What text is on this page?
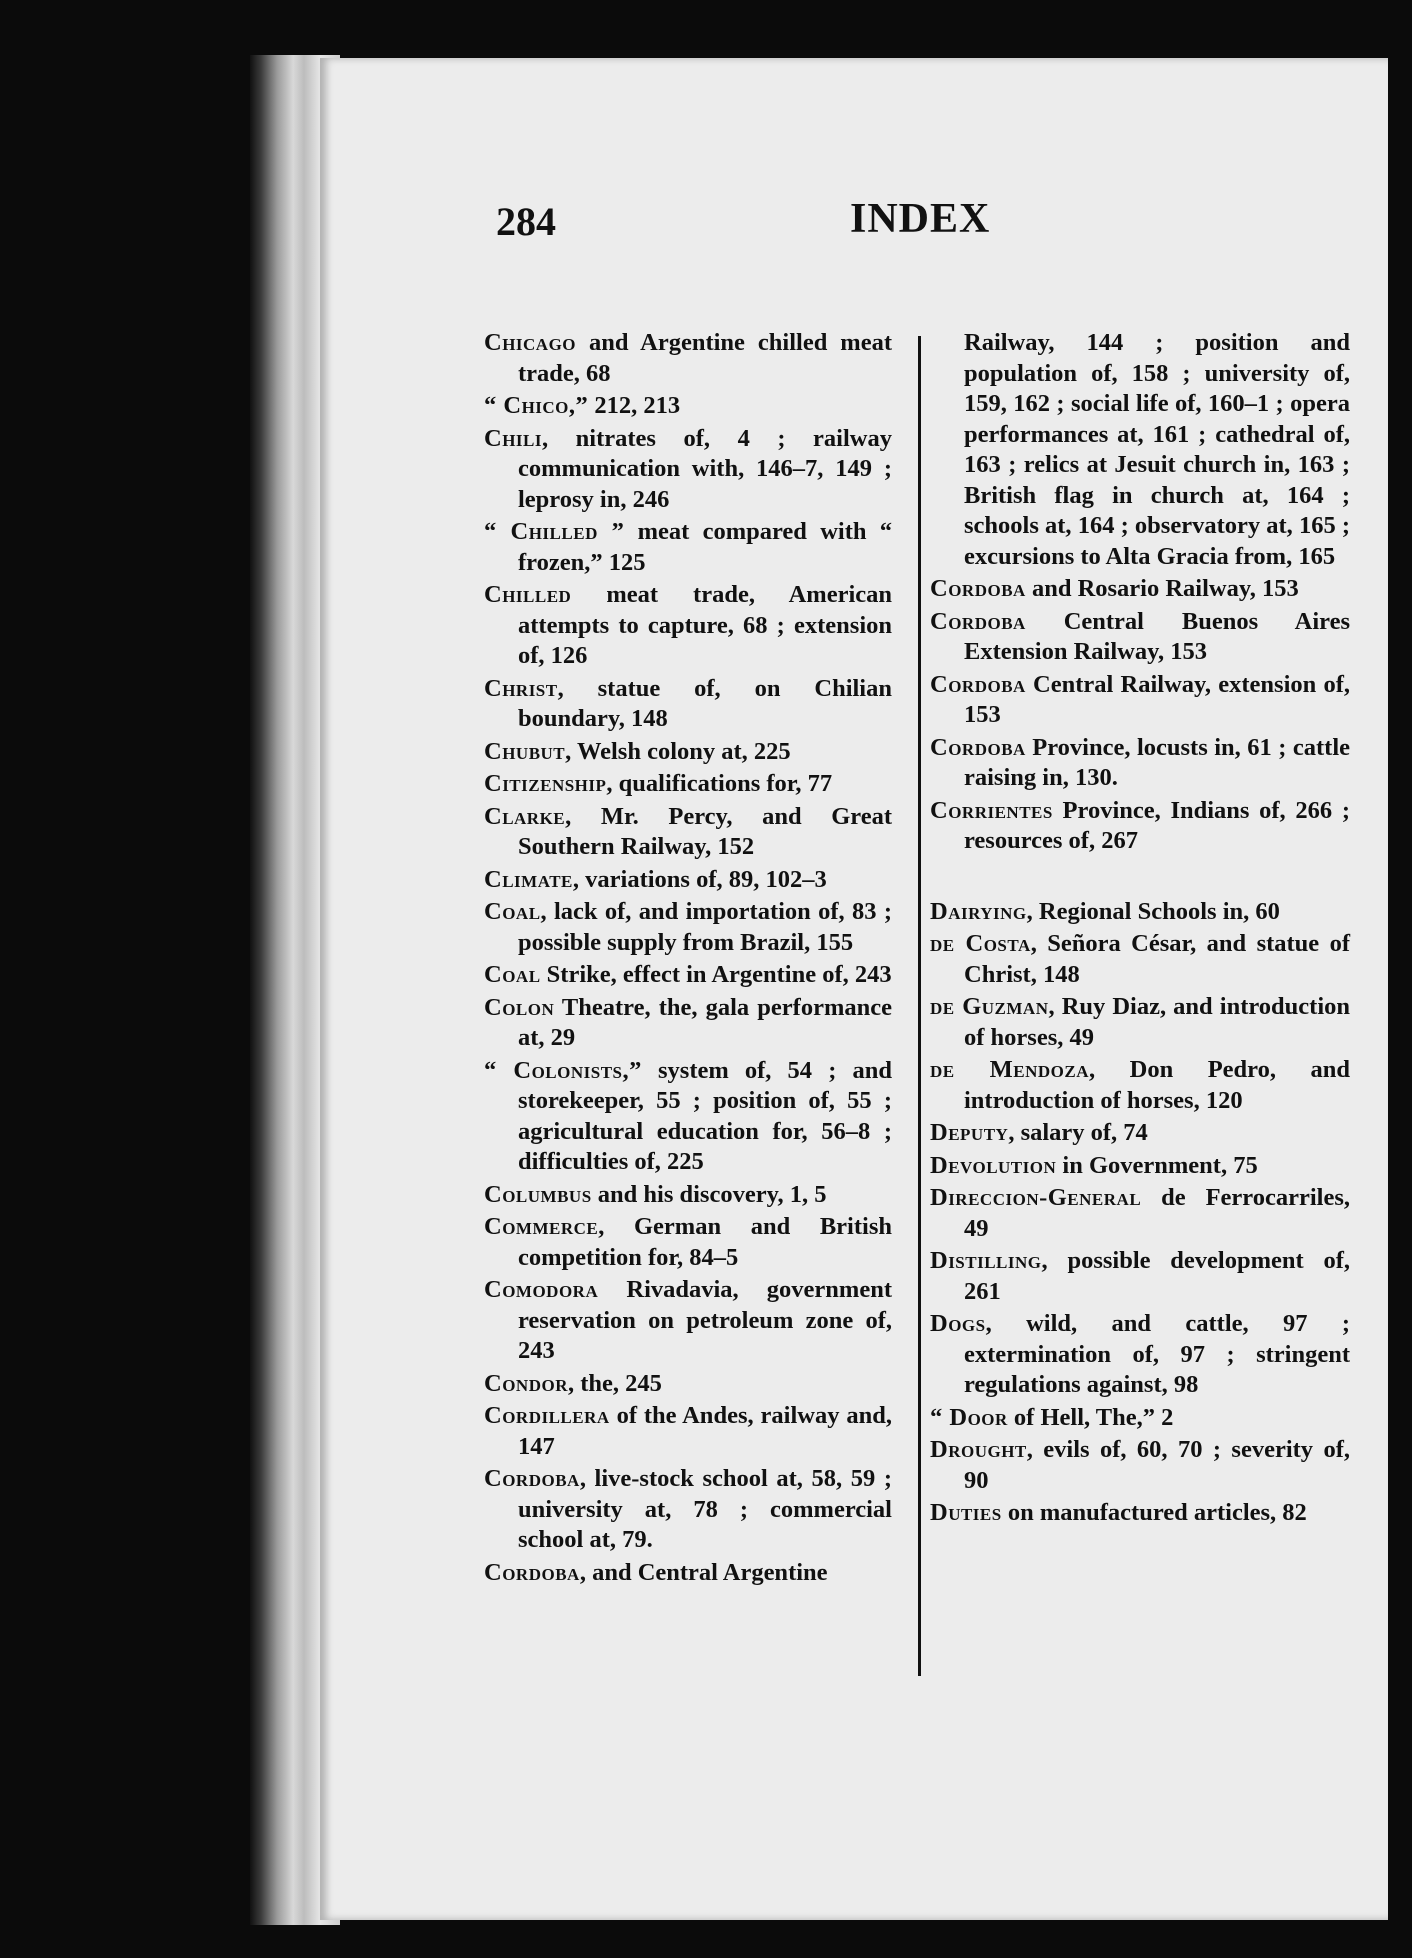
284	INDEX

Chicago and Argentine chilled meat trade, 68

“ Chico,” 212, 213

Chili, nitrates of, 4 ; railway communication with, 146–7, 149 ; leprosy in, 246

“ Chilled ” meat compared with “ frozen,” 125

Chilled meat trade, American attempts to capture, 68 ; extension of, 126

Christ, statue of, on Chilian boundary, 148

Chubut, Welsh colony at, 225

Citizenship, qualifications for, 77

Clarke, Mr. Percy, and Great Southern Railway, 152

Climate, variations of, 89, 102–3

Coal, lack of, and importation of, 83 ; possible supply from Brazil, 155

Coal Strike, effect in Argentine of, 243

Colon Theatre, the, gala performance at, 29

“ Colonists,” system of, 54 ; and storekeeper, 55 ; position of, 55 ; agricultural education for, 56–8 ; difficulties of, 225

Columbus and his discovery, 1, 5

Commerce, German and British competition for, 84–5

Comodora Rivadavia, government reservation on petroleum zone of, 243

Condor, the, 245

Cordillera of the Andes, railway and, 147

Cordoba, live-stock school at, 58, 59 ; university at, 78 ; commercial school at, 79.

Cordoba, and Central Argentine

Railway, 144 ; position and population of, 158 ; university of, 159, 162 ; social life of, 160–1 ; opera performances at, 161 ; cathedral of, 163 ; relics at Jesuit church in, 163 ; British flag in church at, 164 ; schools at, 164 ; observatory at, 165 ; excursions to Alta Gracia from, 165

Cordoba and Rosario Railway, 153

Cordoba Central Buenos Aires Extension Railway, 153

Cordoba Central Railway, extension of, 153

Cordoba Province, locusts in, 61 ; cattle raising in, 130.

Corrientes Province, Indians of, 266 ; resources of, 267

Dairying, Regional Schools in, 60

de Costa, Señora César, and statue of Christ, 148

de Guzman, Ruy Diaz, and introduction of horses, 49

de Mendoza, Don Pedro, and introduction of horses, 120

Deputy, salary of, 74

Devolution in Government, 75

Direccion-General de Ferrocarriles, 49

Distilling, possible development of, 261

Dogs, wild, and cattle, 97 ; extermination of, 97 ; stringent regulations against, 98

“ Door of Hell, The,” 2

Drought, evils of, 60, 70 ; severity of, 90

Duties on manufactured articles, 82
